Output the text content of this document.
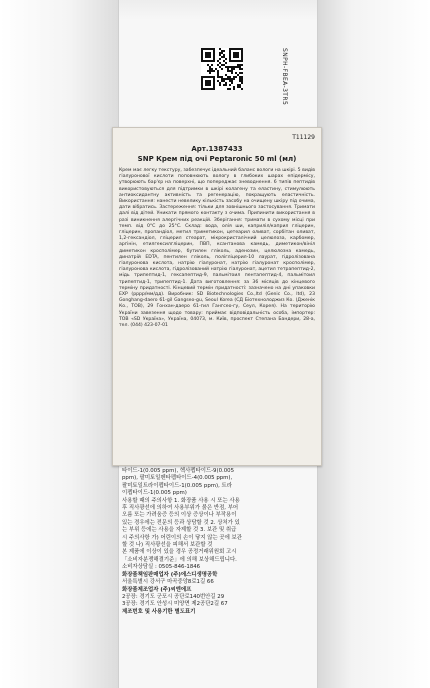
SNPH-FBEA-3TR5
Т11129
Арт.1387433
SNP Крем під очі Peptaronic 50 ml (мл)
Крем має легку текстуру, забезпечує ідеальний баланс вологи на шкірі. 5 видів гіалуронової кислоти поповнюють вологу в глибоких шарах епідермісу, утворюють бар'єр на поверхні, що попереджає зневоднення. 6 типів пептидів використовуються для підтримки в шкірі колагену та еластину, стимулюють антиоксидантну активність та регенерацію, покращують еластичність. Використання: нанести невелику кількість засобу на очищену шкіру під очима, дати вібратись. Застереження: тільки для зовнішнього застосування. Тримати далі від дітей. Уникати прямого контакту з очима. Припинити використання в разі виникнення алергічних реакцій. Зберігання: тримати в сухому місці при темп. від 0°С до 25°С. Склад: вода, олія ши, каприліл/каприл гліцерин, гліцерин, пропандіол, метил триметикон, цетеарил оливат, сорбітан оливат, 1,2-гександіол, гліцерил стеарат, мікрокристалічний целюлоза, карбомер, аргінін, етилгексилгліцерин, ПВП, ксантанова камедь, диметикон/вініл диметикон кросполімер, бутилен гліколь, аденозин, целюлозна камедь, динатрій EDTA, пентилен гліколь, поліглiцерил-10 лаурат, гідролізована гіалуронова кислота, натрію гіалуронат, натрію гіалуронат кросполімер, гіалуронова кислота, гідролізований натрію гіалуронат, ацетил тетрапептид-2, мідь трипептид-1, гексапептид-9, пальмітоил пентапептид-4, пальмітоил трипептид-1, трипептид-1. Дата виготовлення: за 36 місяців до кінцевого терміну придатності. Кінцевий термін придатності: зазначено на дні упаковки ЕХР (рррр/мм/дд). Виробник: SD Biotechnologies Co.,ltd (Genic Co., ltd), 23 Gonghang-daero 61-gil Gangseo-gu, Seoul Korea (СД Біотехнолоджиз Ко. (Дженік Ко., ТОВ), 29 Гонхан-даеро 61-гил Гангсео-гу, Сеул, Корея). На територію України завезення щодо товару: приймає відповідальність особа, імпортер: ТОВ «SD Україна», Україна, 04073, м. Київ, проспект Степана Бандери, 28-а, тел. (044) 423-07-01

타이드-1(0.005 ppm), 헥사펩타이드-9(0.005

ppm), 팔미토일펜타펩타이드-4(0.005 ppm),

팔미토일트라이펩타이드-1(0.005 ppm), 트라

이펩타이드-1(0.005 ppm)

사용할 때의 주의사항 1. 화장품 사용 시 또는 사용

후 직사광선에 의하여 사용부위가 붉은 반점, 부어

오름 또는 가려움증 등의 이상 증상이나 부작용이

있는 경우에는 전문의 등과 상담할 것 2. 상처가 있

는 부위 등에는 사용을 자제할 것 3. 보관 및 취급

시 주의사항 가) 어린이의 손이 닿지 않는 곳에 보관

할 것 나) 직사광선을 피해서 보관할 것

본 제품에 이상이 있을 경우 공정거래위원회 고시

「소비자분쟁해결기준」에 의해 보상해드립니다.

소비자상담실 : 0505-846-1846

화장품책임판매업자 (주)에스디생명공학

서울특별시 강서구 마곡중앙8로1길 66

화장품제조업자 (주)씨엔에프

2공장: 경기도 군포시 공단로140번안길 29

3공장: 경기도 안성시 미양면 제2공단2길 67

제조번호 및 사용기한 별도표기
